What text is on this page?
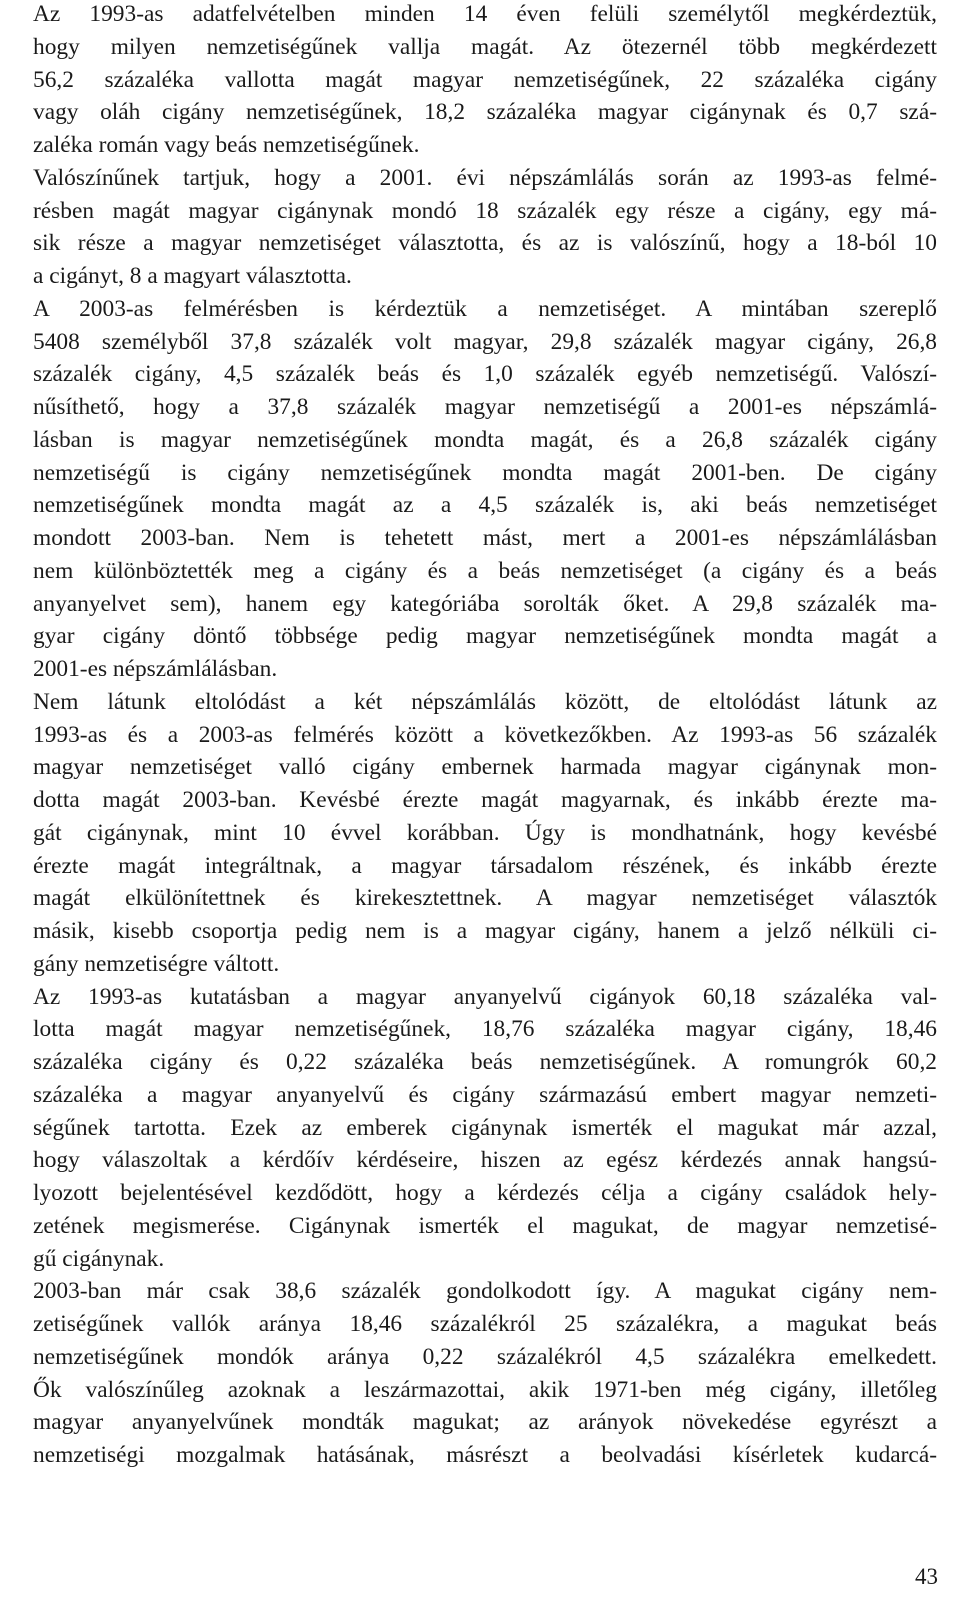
Az 1993-as adatfelvételben minden 14 éven felüli személytől megkérdeztük,
hogy milyen nemzetiségűnek vallja magát. Az ötezernél több megkérdezett
56,2 százaléka vallotta magát magyar nemzetiségűnek, 22 százaléka cigány
vagy oláh cigány nemzetiségűnek, 18,2 százaléka magyar cigánynak és 0,7 szá-
zaléka román vagy beás nemzetiségűnek.

Valószínűnek tartjuk, hogy a 2001. évi népszámlálás során az 1993-as felmé-
résben magát magyar cigánynak mondó 18 százalék egy része a cigány, egy má-
sik része a magyar nemzetiséget választotta, és az is valószínű, hogy a 18-ból 10
a cigányt, 8 a magyart választotta.

A 2003-as felmérésben is kérdeztük a nemzetiséget. A mintában szereplő
5408 személyből 37,8 százalék volt magyar, 29,8 százalék magyar cigány, 26,8
százalék cigány, 4,5 százalék beás és 1,0 százalék egyéb nemzetiségű. Valószí-
nűsíthető, hogy a 37,8 százalék magyar nemzetiségű a 2001-es népszámlá-
lásban is magyar nemzetiségűnek mondta magát, és a 26,8 százalék cigány
nemzetiségű is cigány nemzetiségűnek mondta magát 2001-ben. De cigány
nemzetiségűnek mondta magát az a 4,5 százalék is, aki beás nemzetiséget
mondott 2003-ban. Nem is tehetett mást, mert a 2001-es népszámlálásban
nem különböztették meg a cigány és a beás nemzetiséget (a cigány és a beás
anyanyelvet sem), hanem egy kategóriába sorolták őket. A 29,8 százalék ma-
gyar cigány döntő többsége pedig magyar nemzetiségűnek mondta magát a
2001-es népszámlálásban.

Nem látunk eltolódást a két népszámlálás között, de eltolódást látunk az
1993-as és a 2003-as felmérés között a következőkben. Az 1993-as 56 százalék
magyar nemzetiséget valló cigány embernek harmada magyar cigánynak mon-
dotta magát 2003-ban. Kevésbé érezte magát magyarnak, és inkább érezte ma-
gát cigánynak, mint 10 évvel korábban. Úgy is mondhatnánk, hogy kevésbé
érezte magát integráltnak, a magyar társadalom részének, és inkább érezte
magát elkülönítettnek és kirekesztettnek. A magyar nemzetiséget választók
másik, kisebb csoportja pedig nem is a magyar cigány, hanem a jelző nélküli ci-
gány nemzetiségre váltott.

Az 1993-as kutatásban a magyar anyanyelvű cigányok 60,18 százaléka val-
lotta magát magyar nemzetiségűnek, 18,76 százaléka magyar cigány, 18,46
százaléka cigány és 0,22 százaléka beás nemzetiségűnek. A romungrók 60,2
százaléka a magyar anyanyelvű és cigány származású embert magyar nemzeti-
ségűnek tartotta. Ezek az emberek cigánynak ismerték el magukat már azzal,
hogy válaszoltak a kérdőív kérdéseire, hiszen az egész kérdezés annak hangsú-
lyozott bejelentésével kezdődött, hogy a kérdezés célja a cigány családok hely-
zetének megismerése. Cigánynak ismerték el magukat, de magyar nemzetisé-
gű cigánynak.

2003-ban már csak 38,6 százalék gondolkodott így. A magukat cigány nem-
zetiségűnek vallók aránya 18,46 százalékról 25 százalékra, a magukat beás
nemzetiségűnek mondók aránya 0,22 százalékról 4,5 százalékra emelkedett.
Ők valószínűleg azoknak a leszármazottai, akik 1971-ben még cigány, illetőleg
magyar anyanyelvűnek mondták magukat; az arányok növekedése egyrészt a
nemzetiségi mozgalmak hatásának, másrészt a beolvadási kísérletek kudarcá-

43
